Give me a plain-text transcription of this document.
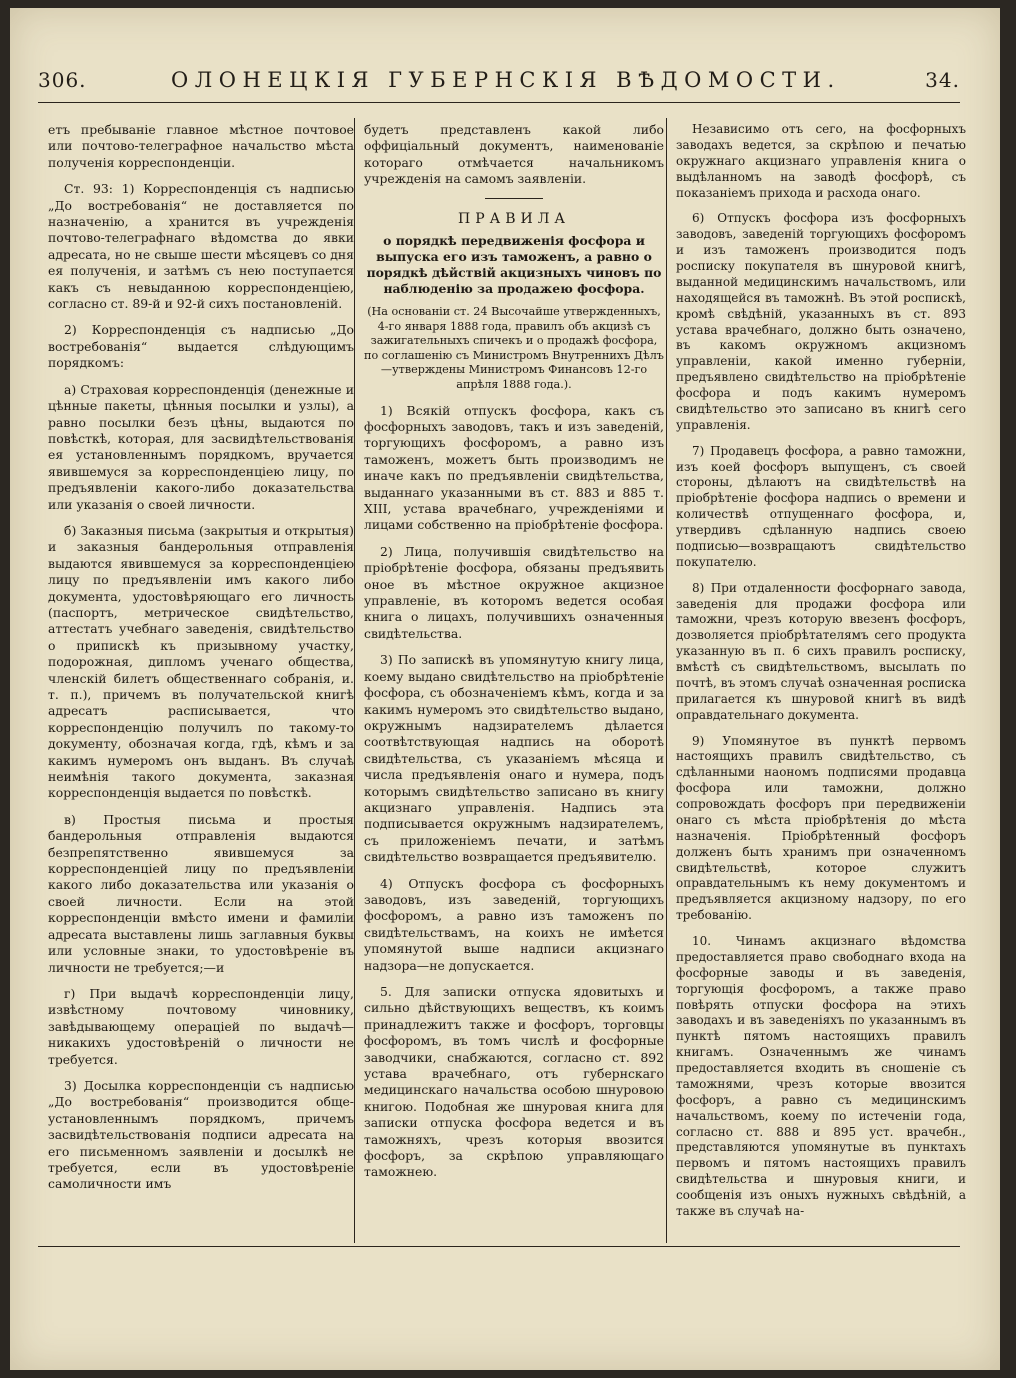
306.	ОЛОНЕЦКІЯ ГУБЕРНСКІЯ ВѢДОМОСТИ.	34.

етъ пребываніе главное мѣстное почтовое или почтово-телеграфное начальство мѣста полученія корреспонденціи.

Ст. 93: 1) Корреспонденція съ надписью „До востребованія“ не доставляется по назначенію, а хранится въ учрежденія почтово-телеграфнаго вѣдомства до явки адресата, но не свыше шести мѣсяцевъ со дня ея полученія, и затѣмъ съ нею поступается какъ съ невыданною корреспонденціею, согласно ст. 89-й и 92-й сихъ постановленій.

2) Корреспонденція съ надписью „До востребованія“ выдается слѣдующимъ порядкомъ:

а) Страховая корреспонденція (денежные и цѣнные пакеты, цѣнныя посылки и узлы), а равно посылки безъ цѣны, выдаются по повѣсткѣ, которая, для засвидѣтельствованія ея установленнымъ порядкомъ, вручается явившемуся за корреспонденціею лицу, по предъявленіи какого-либо доказательства или указанія о своей личности.

б) Заказныя письма (закрытыя и открытыя) и заказныя бандерольныя отправленія выдаются явившемуся за корреспонденціею лицу по предъявленіи имъ какого либо документа, удостовѣряющаго его личность (паспортъ, метрическое свидѣтельство, аттестатъ учебнаго заведенія, свидѣтельство о припискѣ къ призывному участку, подорожная, дипломъ ученаго общества, членскій билетъ общественнаго собранія, и. т. п.), причемъ въ получательской книгѣ адресатъ расписывается, что корреспонденцію получилъ по такому-то документу, обозначая когда, гдѣ, кѣмъ и за какимъ нумеромъ онъ выданъ. Въ случаѣ неимѣнія такого документа, заказная корреспонденція выдается по повѣсткѣ.

в) Простыя письма и простыя бандерольныя отправленія выдаются безпрепятственно явившемуся за корреспонденціей лицу по предъявленіи какого либо доказательства или указанія о своей личности. Если на этой корреспонденціи вмѣсто имени и фамиліи адресата выставлены лишь заглавныя буквы или условные знаки, то удостовѣреніе въ личности не требуется;—и

г) При выдачѣ корреспонденціи лицу, извѣстному почтовому чиновнику, завѣдывающему операціей по выдачѣ—никакихъ удостовѣреній о личности не требуется.

3) Досылка корреспонденціи съ надписью „До востребованія“ производится обще-установленнымъ порядкомъ, причемъ засвидѣтельствованія подписи адресата на его письменномъ заявленіи и досылкѣ не требуется, если въ удостовѣреніе самоличности имъ

будетъ представленъ какой либо оффиціальный документъ, наименованіе котораго отмѣчается начальникомъ учрежденія на самомъ заявленіи.

ПРАВИЛА
о порядкѣ передвиженія фосфора и выпуска его изъ таможенъ, а равно о порядкѣ дѣйствій акцизныхъ чиновъ по наблюденію за продажею фосфора.
(На основаніи ст. 24 Высочайше утвержденныхъ, 4-го января 1888 года, правилъ объ акцизѣ съ зажигательныхъ спичекъ и о продажѣ фосфора, по соглашенію съ Министромъ Внутреннихъ Дѣлъ—утверждены Министромъ Финансовъ 12-го апрѣля 1888 года.).

1) Всякій отпускъ фосфора, какъ съ фосфорныхъ заводовъ, такъ и изъ заведеній, торгующихъ фосфоромъ, а равно изъ таможенъ, можетъ быть производимъ не иначе какъ по предъявленіи свидѣтельства, выданнаго указанными въ ст. 883 и 885 т. XIII, устава врачебнаго, учрежденіями и лицами собственно на пріобрѣтеніе фосфора.

2) Лица, получившія свидѣтельство на пріобрѣтеніе фосфора, обязаны предъявить оное въ мѣстное окружное акцизное управленіе, въ которомъ ведется особая книга о лицахъ, получившихъ означенныя свидѣтельства.

3) По запискѣ въ упомянутую книгу лица, коему выдано свидѣтельство на пріобрѣтеніе фосфора, съ обозначеніемъ кѣмъ, когда и за какимъ нумеромъ это свидѣтельство выдано, окружнымъ надзирателемъ дѣлается соотвѣтствующая надпись на оборотѣ свидѣтельства, съ указаніемъ мѣсяца и числа предъявленія онаго и нумера, подъ которымъ свидѣтельство записано въ книгу акцизнаго управленія. Надпись эта подписывается окружнымъ надзирателемъ, съ приложеніемъ печати, и затѣмъ свидѣтельство возвращается предъявителю.

4) Отпускъ фосфора съ фосфорныхъ заводовъ, изъ заведеній, торгующихъ фосфоромъ, а равно изъ таможенъ по свидѣтельствамъ, на коихъ не имѣется упомянутой выше надписи акцизнаго надзора—не допускается.

5. Для записки отпуска ядовитыхъ и сильно дѣйствующихъ веществъ, къ коимъ принадлежитъ также и фосфоръ, торговцы фосфоромъ, въ томъ числѣ и фосфорные заводчики, снабжаются, согласно ст. 892 устава врачебнаго, отъ губернскаго медицинскаго начальства особою шнуровою книгою. Подобная же шнуровая книга для записки отпуска фосфора ведется и въ таможняхъ, чрезъ которыя ввозится фосфоръ, за скрѣпою управляющаго таможнею.

Независимо отъ сего, на фосфорныхъ заводахъ ведется, за скрѣпою и печатью окружнаго акцизнаго управленія книга о выдѣланномъ на заводѣ фосфорѣ, съ показаніемъ прихода и расхода онаго.

6) Отпускъ фосфора изъ фосфорныхъ заводовъ, заведеній торгующихъ фосфоромъ и изъ таможенъ производится подъ росписку покупателя въ шнуровой книгѣ, выданной медицинскимъ начальствомъ, или находящейся въ таможнѣ. Въ этой роспискѣ, кромѣ свѣдѣній, указанныхъ въ ст. 893 устава врачебнаго, должно быть означено, въ какомъ окружномъ акцизномъ управленіи, какой именно губерніи, предъявлено свидѣтельство на пріобрѣтеніе фосфора и подъ какимъ нумеромъ свидѣтельство это записано въ книгѣ сего управленія.

7) Продавецъ фосфора, а равно таможни, изъ коей фосфоръ выпущенъ, съ своей стороны, дѣлаютъ на свидѣтельствѣ на пріобрѣтеніе фосфора надпись о времени и количествѣ отпущеннаго фосфора, и, утвердивъ сдѣланную надпись своею подписью—возвращаютъ свидѣтельство покупателю.

8) При отдаленности фосфорнаго завода, заведенія для продажи фосфора или таможни, чрезъ которую ввезенъ фосфоръ, дозволяется пріобрѣтателямъ сего продукта указанную въ п. 6 сихъ правилъ росписку, вмѣстѣ съ свидѣтельствомъ, высылать по почтѣ, въ этомъ случаѣ означенная росписка прилагается къ шнуровой книгѣ въ видѣ оправдательнаго документа.

9) Упомянутое въ пунктѣ первомъ настоящихъ правилъ свидѣтельство, съ сдѣланными наономъ подписями продавца фосфора или таможни, должно сопровождать фосфоръ при передвиженіи онаго съ мѣста пріобрѣтенія до мѣста назначенія. Пріобрѣтенный фосфоръ долженъ быть хранимъ при означенномъ свидѣтельствѣ, которое служитъ оправдательнымъ къ нему документомъ и предъявляется акцизному надзору, по его требованію.

10. Чинамъ акцизнаго вѣдомства предоставляется право свободнаго входа на фосфорные заводы и въ заведенія, торгующія фосфоромъ, а также право повѣрять отпуски фосфора на этихъ заводахъ и въ заведеніяхъ по указаннымъ въ пунктѣ пятомъ настоящихъ правилъ книгамъ. Означеннымъ же чинамъ предоставляется входить въ сношеніе съ таможнями, чрезъ которые ввозится фосфоръ, а равно съ медицинскимъ начальствомъ, коему по истеченіи года, согласно ст. 888 и 895 уст. врачебн., представляются упомянутые въ пунктахъ первомъ и пятомъ настоящихъ правилъ свидѣтельства и шнуровыя книги, и сообщенія изъ оныхъ нужныхъ свѣдѣній, а также въ случаѣ на-
